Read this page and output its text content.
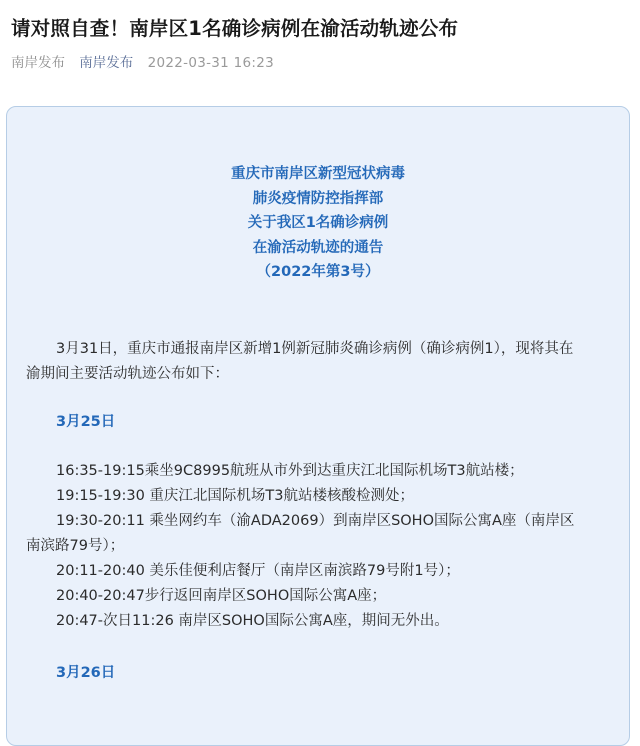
请对照自查！南岸区1名确诊病例在渝活动轨迹公布
南岸发布 南岸发布 2022-03-31 16:23
重庆市南岸区新型冠状病毒
肺炎疫情防控指挥部
关于我区1名确诊病例
在渝活动轨迹的通告
（2022年第3号）
3月31日，重庆市通报南岸区新增1例新冠肺炎确诊病例（确诊病例1），现将其在
渝期间主要活动轨迹公布如下：
3月25日
16:35-19:15乘坐9C8995航班从市外到达重庆江北国际机场T3航站楼；
19:15-19:30 重庆江北国际机场T3航站楼核酸检测处；
19:30-20:11 乘坐网约车（渝ADA2069）到南岸区SOHO国际公寓A座（南岸区
南滨路79号）；
20:11-20:40 美乐佳便利店餐厅（南岸区南滨路79号附1号）；
20:40-20:47步行返回南岸区SOHO国际公寓A座；
20:47-次日11:26 南岸区SOHO国际公寓A座，期间无外出。
3月26日
